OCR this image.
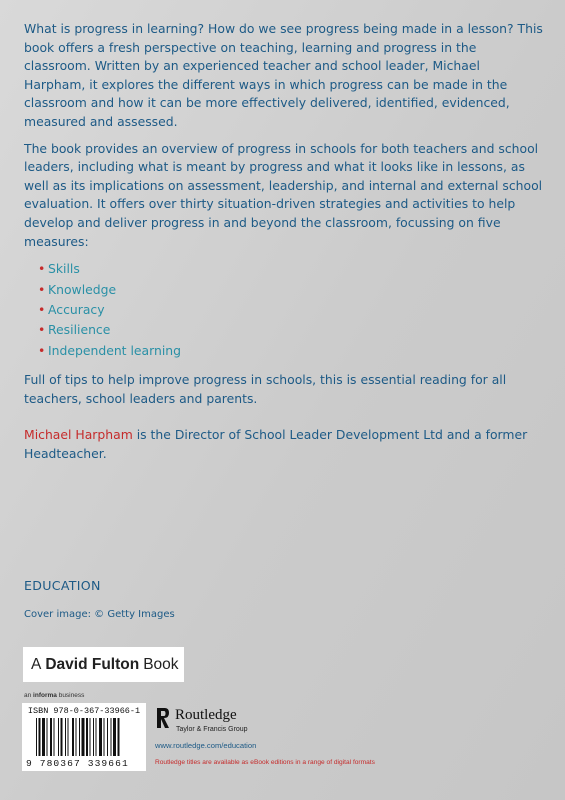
What is progress in learning? How do we see progress being made in a lesson? This book offers a fresh perspective on teaching, learning and progress in the classroom. Written by an experienced teacher and school leader, Michael Harpham, it explores the different ways in which progress can be made in the classroom and how it can be more effectively delivered, identified, evidenced, measured and assessed.

The book provides an overview of progress in schools for both teachers and school leaders, including what is meant by progress and what it looks like in lessons, as well as its implications on assessment, leadership, and internal and external school evaluation. It offers over thirty situation-driven strategies and activities to help develop and deliver progress in and beyond the classroom, focussing on five measures:

• Skills
• Knowledge
• Accuracy
• Resilience
• Independent learning

Full of tips to help improve progress in schools, this is essential reading for all teachers, school leaders and parents.

Michael Harpham is the Director of School Leader Development Ltd and a former Headteacher.
EDUCATION
Cover image: © Getty Images
A David Fulton Book
an informa business
ISBN 978-0-367-33966-1
9 780367 339661
Routledge
Taylor & Francis Group
www.routledge.com/education
Routledge titles are available as eBook editions in a range of digital formats
